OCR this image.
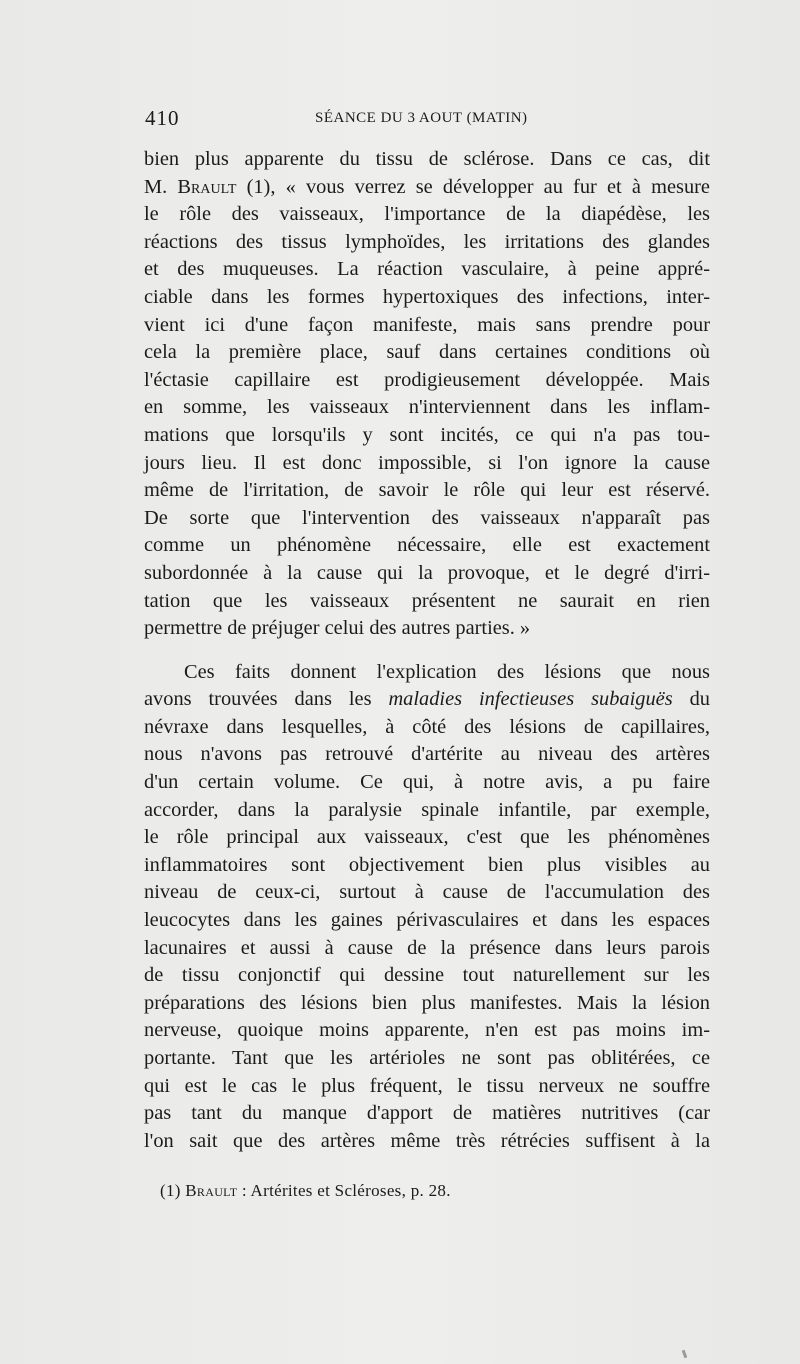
410	SÉANCE DU 3 AOUT (MATIN)
bien plus apparente du tissu de sclérose. Dans ce cas, dit
M. Brault (1), « vous verrez se développer au fur et à mesure
le rôle des vaisseaux, l'importance de la diapédèse, les
réactions des tissus lymphoïdes, les irritations des glandes
et des muqueuses. La réaction vasculaire, à peine appré-
ciable dans les formes hypertoxiques des infections, inter-
vient ici d'une façon manifeste, mais sans prendre pour
cela la première place, sauf dans certaines conditions où
l'éctasie capillaire est prodigieusement développée. Mais
en somme, les vaisseaux n'interviennent dans les inflam-
mations que lorsqu'ils y sont incités, ce qui n'a pas tou-
jours lieu. Il est donc impossible, si l'on ignore la cause
même de l'irritation, de savoir le rôle qui leur est réservé.
De sorte que l'intervention des vaisseaux n'apparaît pas
comme un phénomène nécessaire, elle est exactement
subordonnée à la cause qui la provoque, et le degré d'irri-
tation que les vaisseaux présentent ne saurait en rien
permettre de préjuger celui des autres parties. »
Ces faits donnent l'explication des lésions que nous
avons trouvées dans les maladies infectieuses subaiguës du
névraxe dans lesquelles, à côté des lésions de capillaires,
nous n'avons pas retrouvé d'artérite au niveau des artères
d'un certain volume. Ce qui, à notre avis, a pu faire
accorder, dans la paralysie spinale infantile, par exemple,
le rôle principal aux vaisseaux, c'est que les phénomènes
inflammatoires sont objectivement bien plus visibles au
niveau de ceux-ci, surtout à cause de l'accumulation des
leucocytes dans les gaines périvasculaires et dans les espaces
lacunaires et aussi à cause de la présence dans leurs parois
de tissu conjonctif qui dessine tout naturellement sur les
préparations des lésions bien plus manifestes. Mais la lésion
nerveuse, quoique moins apparente, n'en est pas moins im-
portante. Tant que les artérioles ne sont pas oblitérées, ce
qui est le cas le plus fréquent, le tissu nerveux ne souffre
pas tant du manque d'apport de matières nutritives (car
l'on sait que des artères même très rétrécies suffisent à la
(1) Brault : Artérites et Scléroses, p. 28.
